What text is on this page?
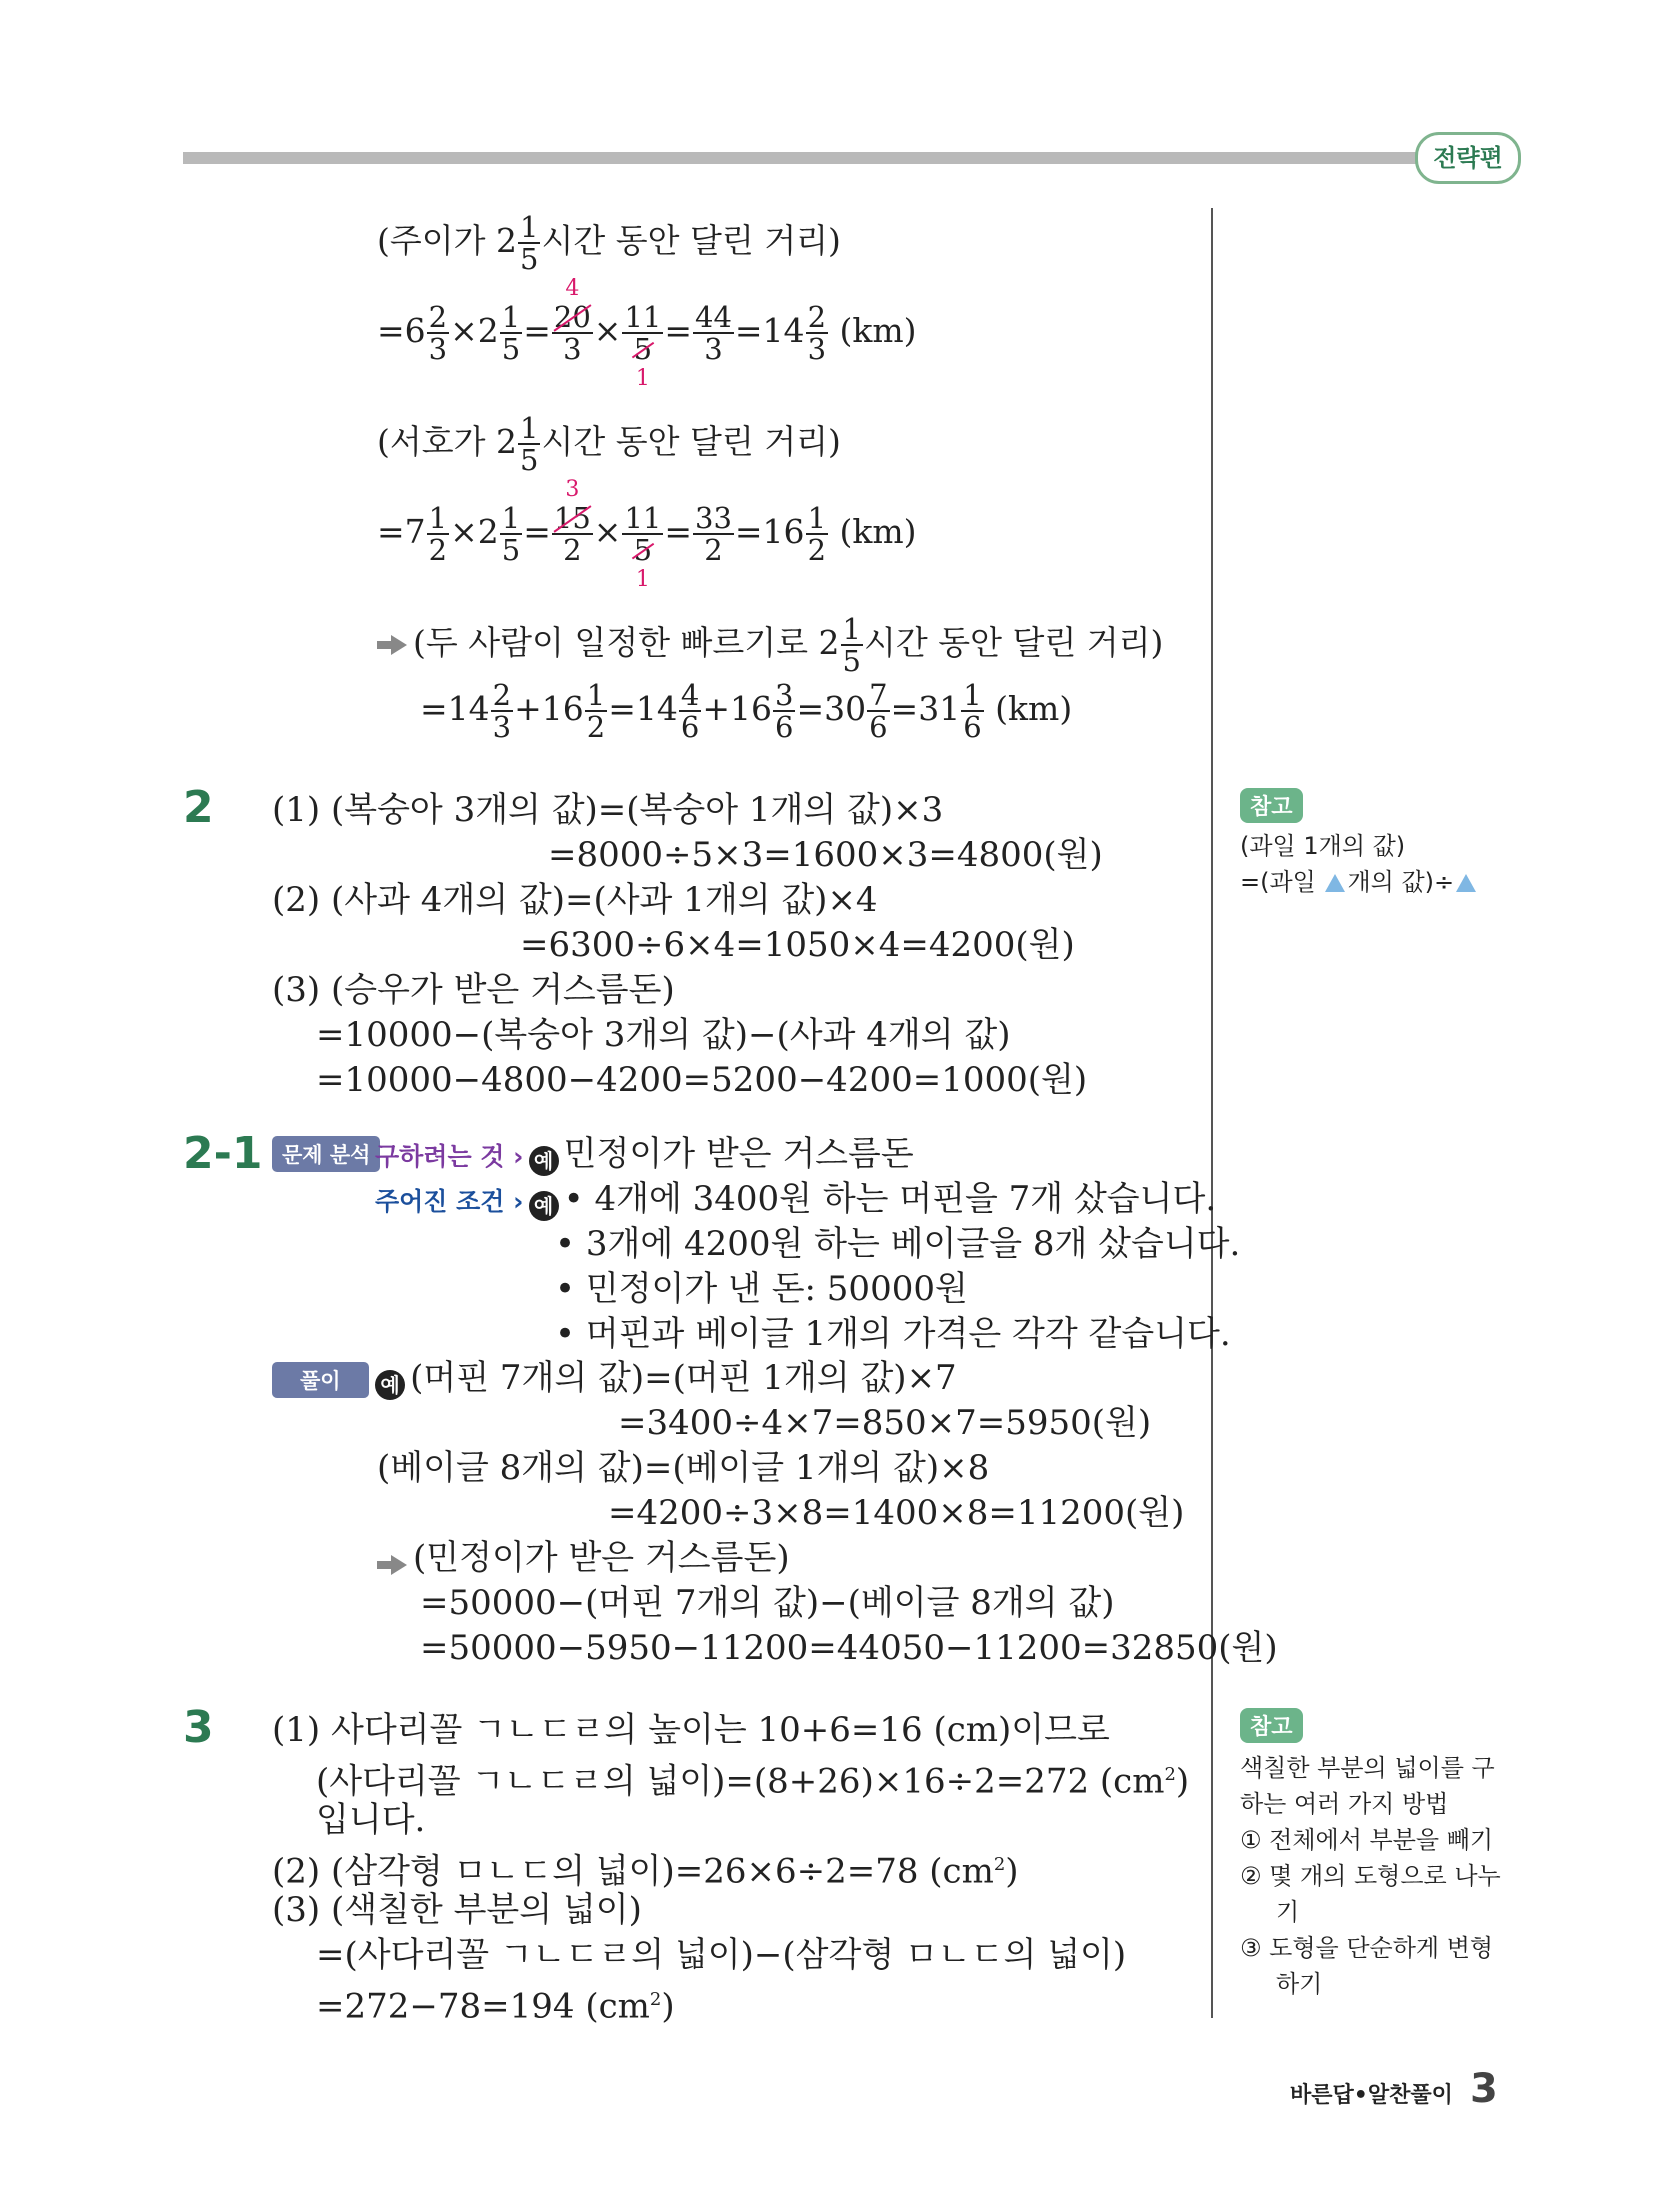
전략편
(주이가 $2 \frac{1}{5}$ 시간 동안 달린 거리)
$=6 \frac{2}{3} \times 2 \frac{1}{5} = 4$
20
3 × 11
5
$1 = \frac{44}{3} =14 \frac{2}{3} (km)$
(서호가 $2 \frac{1}{5}$ 시간 동안 달린 거리)
$=7 \frac{1}{2} \times 2 \frac{1}{5} = 3$
15
2 × 11
5
$1 = \frac{33}{2} =16 \frac{1}{2} (km)$
(두 사람이 일정한 빠르기로 $2 \frac{1}{5}$ 시간 동안 달린 거리)
$=14 \frac{2}{3} +16 \frac{1}{2} =14 \frac{4}{6} +16 \frac{3}{6} =30 \frac{7}{6} =31 \frac{1}{6} (km)$
2 (1) (복숭아 3개의 값)=(복숭아 1개의 값)×3
=8000÷5×3=1600×3=4800(원)
(2) (사과 4개의 값)=(사과 1개의 값)×4
=6300÷6×4=1050×4=4200(원)
(3) (승우가 받은 거스름돈)
=10000−(복숭아 3개의 값)−(사과 4개의 값)
=10000−4800−4200=5200−4200=1000(원)
참고
(과일 1개의 값)
=(과일 개의 값)÷
2-1 문제 분석 구하려는 것 › 예 민정이가 받은 거스름돈
주어진 조건 › 예 • 4개에 3400원 하는 머핀을 7개 샀습니다.
• 3개에 4200원 하는 베이글을 8개 샀습니다.
• 민정이가 낸 돈: 50000원
• 머핀과 베이글 1개의 가격은 각각 같습니다.
풀이	예 (머핀 7개의 값)=(머핀 1개의 값)×7
=3400÷4×7=850×7=5950(원)
(베이글 8개의 값)=(베이글 1개의 값)×8
=4200÷3×8=1400×8=11200(원)
(민정이가 받은 거스름돈)
=50000−(머핀 7개의 값)−(베이글 8개의 값)
=50000−5950−11200=44050−11200=32850(원)
3 (1) 사다리꼴 ㄱㄴㄷㄹ의 높이는 10+6=16 (cm)이므로
(사다리꼴 ㄱㄴㄷㄹ의 넓이)=(8+26)×16÷2=272 $(cm^2)$
입니다.
(2) (삼각형 ㅁㄴㄷ의 넓이)=26×6÷2=78 $(cm^2)$
(3) (색칠한 부분의 넓이)
=(사다리꼴 ㄱㄴㄷㄹ의 넓이)−(삼각형 ㅁㄴㄷ의 넓이)
=272−78=194 $(cm^2)$
참고
색칠한 부분의 넓이를 구
하는 여러 가지 방법
① 전체에서 부분을 빼기
② 몇 개의 도형으로 나누
기
③ 도형을 단순하게 변형
하기
바른답•알찬풀이 3
